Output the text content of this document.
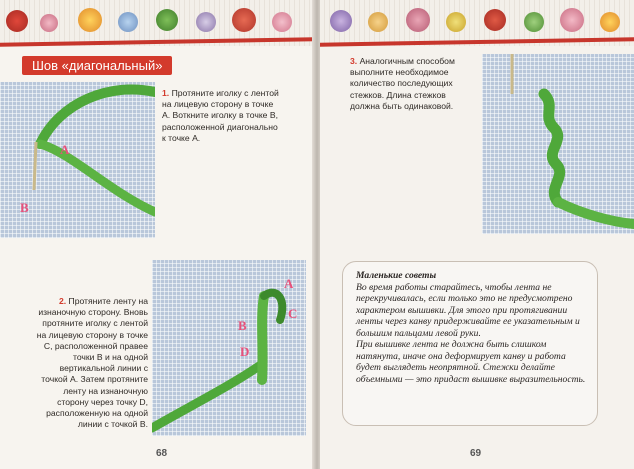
Шов «диагональный»
A
B
1. Протяните иголку с лентой на лицевую сторону в точке A. Воткните иголку в точке B, расположенной диагонально к точке A.
A
B
C
D
2. Протяните ленту на изнаночную сторону. Вновь протяните иголку с лентой на лицевую сторону в точке C, расположенной правее точки B и на одной вертикальной линии с точкой A. Затем протяните ленту на изнаночную сторону через точку D, расположенную на одной линии с точкой B.
68
3. Аналогичным способом выполните необходимое количество последующих стежков. Длина стежков должна быть одинаковой.
69

Маленькие советы

Во время работы старайтесь, чтобы лента не перекручивалась, если только это не предусмотрено характером вышивки. Для этого при протягивании ленты через канву придерживайте ее указательным и большим пальцами левой руки.

При вышивке лента не должна быть слишком натянута, иначе она деформирует канву и работа будет выглядеть неопрятной. Стежки делайте объемными — это придаст вышивке выразительность.
